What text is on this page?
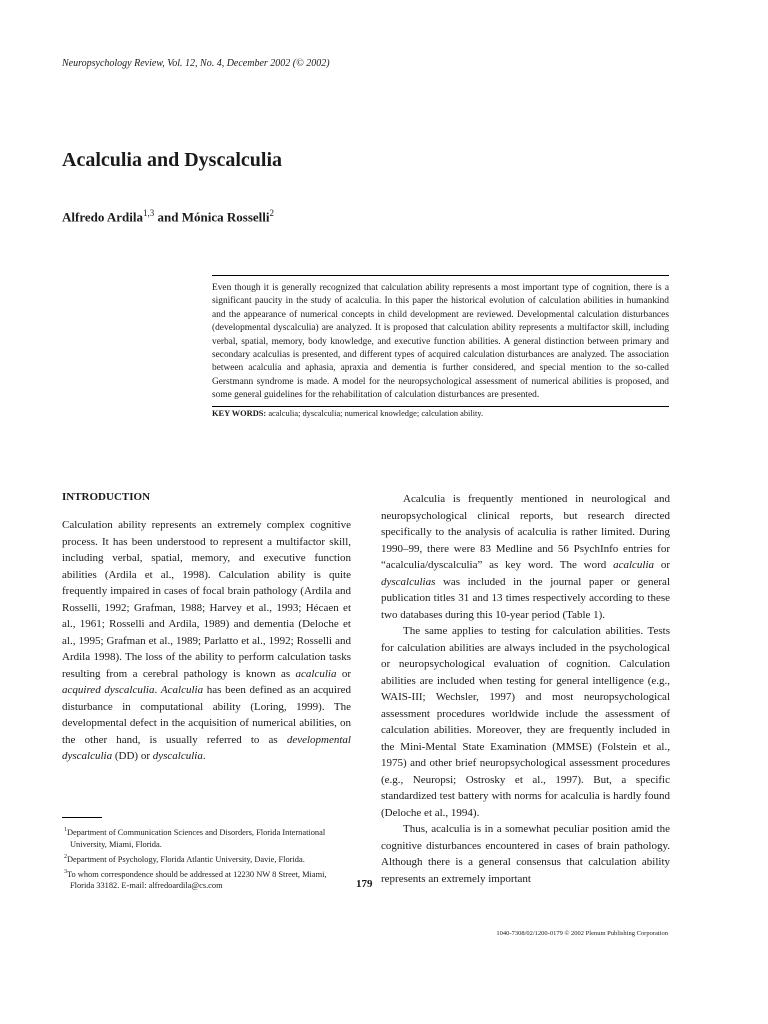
Neuropsychology Review, Vol. 12, No. 4, December 2002 (© 2002)
Acalculia and Dyscalculia
Alfredo Ardila$^{1,3}$ and Mónica Rosselli$^2$

Even though it is generally recognized that calculation ability represents a most important type of cognition, there is a significant paucity in the study of acalculia. In this paper the historical evolution of calculation abilities in humankind and the appearance of numerical concepts in child development are reviewed. Developmental calculation disturbances (developmental dyscalculia) are analyzed. It is proposed that calculation ability represents a multifactor skill, including verbal, spatial, memory, body knowledge, and executive function abilities. A general distinction between primary and secondary acalculias is presented, and different types of acquired calculation disturbances are analyzed. The association between acalculia and aphasia, apraxia and dementia is further considered, and special mention to the so-called Gerstmann syndrome is made. A model for the neuropsychological assessment of numerical abilities is proposed, and some general guidelines for the rehabilitation of calculation disturbances are presented.

KEY WORDS: acalculia; dyscalculia; numerical knowledge; calculation ability.
INTRODUCTION

Calculation ability represents an extremely complex cognitive process. It has been understood to represent a multifactor skill, including verbal, spatial, memory, and executive function abilities (Ardila et al., 1998). Calculation ability is quite frequently impaired in cases of focal brain pathology (Ardila and Rosselli, 1992; Grafman, 1988; Harvey et al., 1993; Hécaen et al., 1961; Rosselli and Ardila, 1989) and dementia (Deloche et al., 1995; Grafman et al., 1989; Parlatto et al., 1992; Rosselli and Ardila 1998). The loss of the ability to perform calculation tasks resulting from a cerebral pathology is known as acalculia or acquired dyscalculia. Acalculia has been defined as an acquired disturbance in computational ability (Loring, 1999). The developmental defect in the acquisition of numerical abilities, on the other hand, is usually referred to as developmental dyscalculia (DD) or dyscalculia.

Acalculia is frequently mentioned in neurological and neuropsychological clinical reports, but research directed specifically to the analysis of acalculia is rather limited. During 1990–99, there were 83 Medline and 56 PsychInfo entries for “acalculia/dyscalculia” as key word. The word acalculia or dyscalculias was included in the journal paper or general publication titles 31 and 13 times respectively according to these two databases during this 10-year period (Table 1).

The same applies to testing for calculation abilities. Tests for calculation abilities are always included in the psychological or neuropsychological evaluation of cognition. Calculation abilities are included when testing for general intelligence (e.g., WAIS-III; Wechsler, 1997) and most neuropsychological assessment procedures worldwide include the assessment of calculation abilities. Moreover, they are frequently included in the Mini-Mental State Examination (MMSE) (Folstein et al., 1975) and other brief neuropsychological assessment procedures (e.g., Neuropsi; Ostrosky et al., 1997). But, a specific standardized test battery with norms for acalculia is hardly found (Deloche et al., 1994).

Thus, acalculia is in a somewhat peculiar position amid the cognitive disturbances encountered in cases of brain pathology. Although there is a general consensus that calculation ability represents an extremely important

$^1$Department of Communication Sciences and Disorders, Florida International University, Miami, Florida.

$^2$Department of Psychology, Florida Atlantic University, Davie, Florida.

$^3$To whom correspondence should be addressed at 12230 NW 8 Street, Miami, Florida 33182. E-mail: alfredoardila@cs.com	179
1040-7308/02/1200-0179 © 2002 Plenum Publishing Corporation
